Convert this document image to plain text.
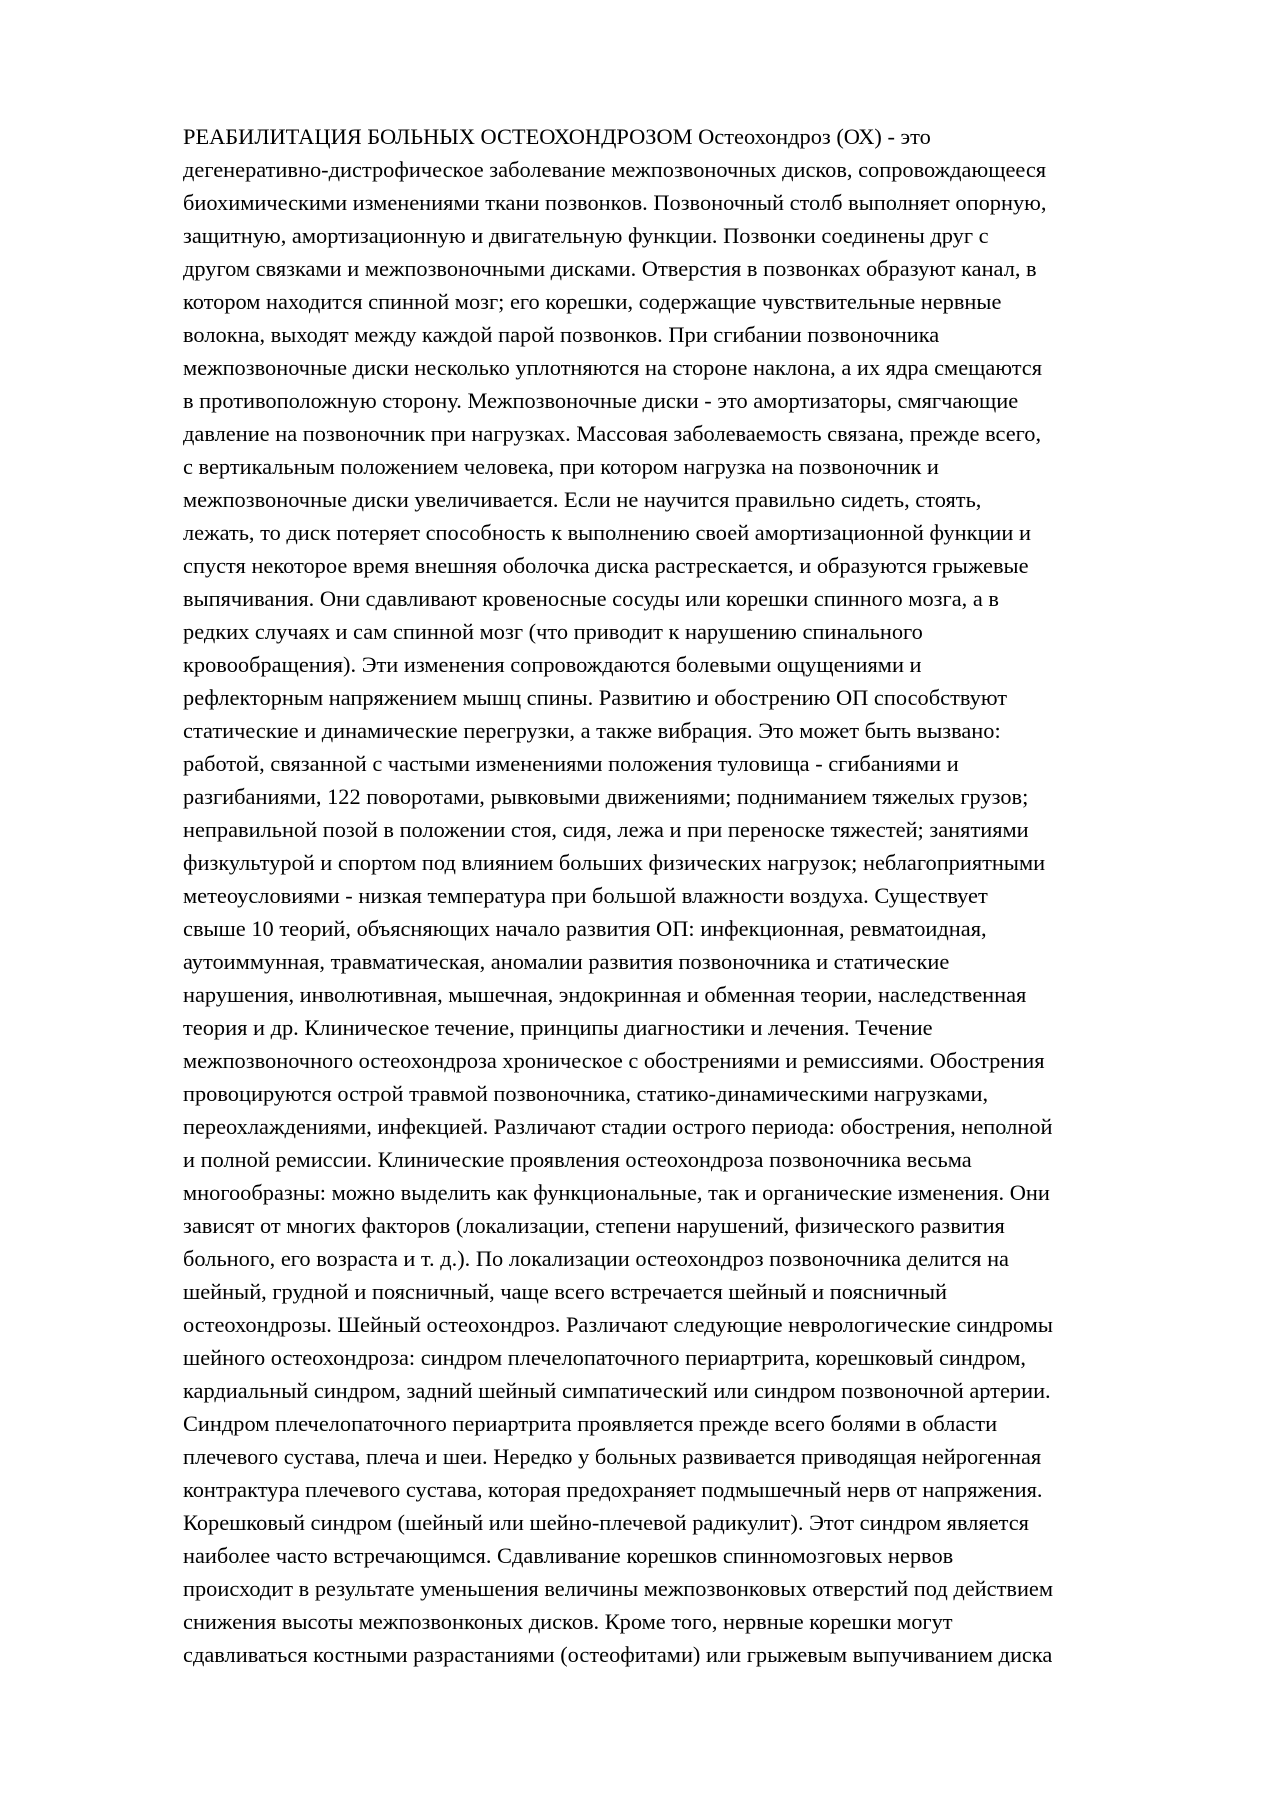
РЕАБИЛИТАЦИЯ БОЛЬНЫХ ОСТЕОХОНДРОЗОМ Остеохондроз (ОХ) - это
дегенеративно-дистрофическое заболевание межпозвоночных дисков, сопровождающееся
биохимическими изменениями ткани позвонков. Позвоночный столб выполняет опорную,
защитную, амортизационную и двигательную функции. Позвонки соединены друг с
другом связками и межпозвоночными дисками. Отверстия в позвонках образуют канал, в
котором находится спинной мозг; его корешки, содержащие чувствительные нервные
волокна, выходят между каждой парой позвонков. При сгибании позвоночника
межпозвоночные диски несколько уплотняются на стороне наклона, а их ядра смещаются
в противоположную сторону. Межпозвоночные диски - это амортизаторы, смягчающие
давление на позвоночник при нагрузках. Массовая заболеваемость связана, прежде всего,
с вертикальным положением человека, при котором нагрузка на позвоночник и
межпозвоночные диски увеличивается. Если не научится правильно сидеть, стоять,
лежать, то диск потеряет способность к выполнению своей амортизационной функции и
спустя некоторое время внешняя оболочка диска растрескается, и образуются грыжевые
выпячивания. Они сдавливают кровеносные сосуды или корешки спинного мозга, а в
редких случаях и сам спинной мозг (что приводит к нарушению спинального
кровообращения). Эти изменения сопровождаются болевыми ощущениями и
рефлекторным напряжением мышц спины. Развитию и обострению ОП способствуют
статические и динамические перегрузки, а также вибрация. Это может быть вызвано:
работой, связанной с частыми изменениями положения туловища - сгибаниями и
разгибаниями, 122 поворотами, рывковыми движениями; подниманием тяжелых грузов;
неправильной позой в положении стоя, сидя, лежа и при переноске тяжестей; занятиями
физкультурой и спортом под влиянием больших физических нагрузок; неблагоприятными
метеоусловиями - низкая температура при большой влажности воздуха. Существует
свыше 10 теорий, объясняющих начало развития ОП: инфекционная, ревматоидная,
аутоиммунная, травматическая, аномалии развития позвоночника и статические
нарушения, инволютивная, мышечная, эндокринная и обменная теории, наследственная
теория и др. Клиническое течение, принципы диагностики и лечения. Течение
межпозвоночного остеохондроза хроническое с обострениями и ремиссиями. Обострения
провоцируются острой травмой позвоночника, статико-динамическими нагрузками,
переохлаждениями, инфекцией. Различают стадии острого периода: обострения, неполной
и полной ремиссии. Клинические проявления остеохондроза позвоночника весьма
многообразны: можно выделить как функциональные, так и органические изменения. Они
зависят от многих факторов (локализации, степени нарушений, физического развития
больного, его возраста и т. д.). По локализации остеохондроз позвоночника делится на
шейный, грудной и поясничный, чаще всего встречается шейный и поясничный
остеохондрозы. Шейный остеохондроз. Различают следующие неврологические синдромы
шейного остеохондроза: синдром плечелопаточного периартрита, корешковый синдром,
кардиальный синдром, задний шейный симпатический или синдром позвоночной артерии.
Синдром плечелопаточного периартрита проявляется прежде всего болями в области
плечевого сустава, плеча и шеи. Нередко у больных развивается приводящая нейрогенная
контрактура плечевого сустава, которая предохраняет подмышечный нерв от напряжения.
Корешковый синдром (шейный или шейно-плечевой радикулит). Этот синдром является
наиболее часто встречающимся. Сдавливание корешков спинномозговых нервов
происходит в результате уменьшения величины межпозвонковых отверстий под действием
снижения высоты межпозвонконых дисков. Кроме того, нервные корешки могут
сдавливаться костными разрастаниями (остеофитами) или грыжевым выпучиванием диска
